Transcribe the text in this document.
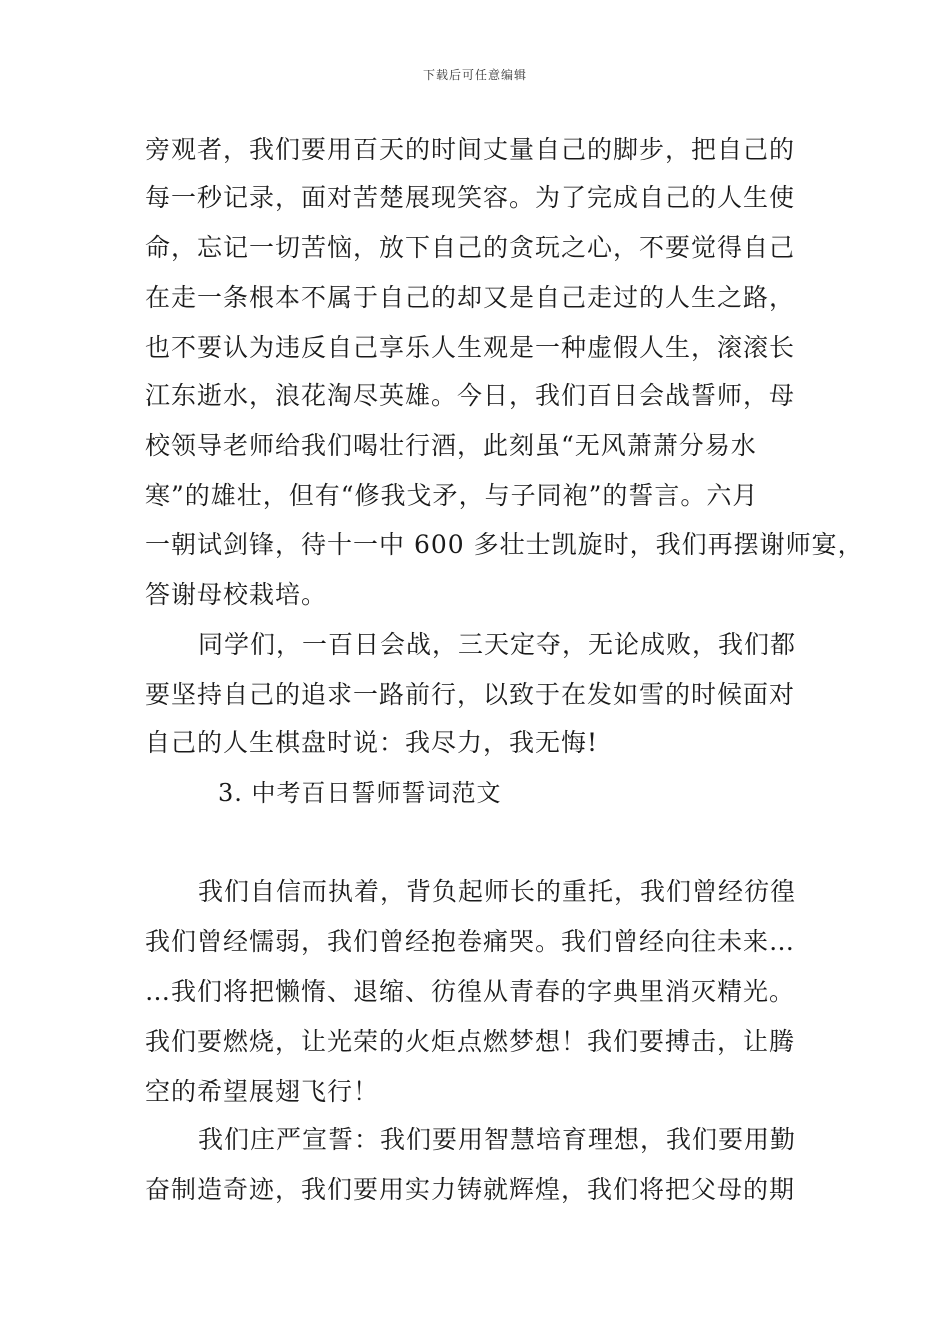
下载后可任意编辑
旁观者，我们要用百天的时间丈量自己的脚步，把自己的
每一秒记录，面对苦楚展现笑容。为了完成自己的人生使
命，忘记一切苦恼，放下自己的贪玩之心，不要觉得自己
在走一条根本不属于自己的却又是自己走过的人生之路，
也不要认为违反自己享乐人生观是一种虚假人生，滚滚长
江东逝水，浪花淘尽英雄。今日，我们百日会战誓师，母
校领导老师给我们喝壮行酒，此刻虽“无风萧萧分易水
寒”的雄壮，但有“修我戈矛，与子同袍”的誓言。六月
一朝试剑锋，待十一中 600 多壮士凯旋时，我们再摆谢师宴，
答谢母校栽培。
同学们，一百日会战，三天定夺，无论成败，我们都
要坚持自己的追求一路前行，以致于在发如雪的时候面对
自己的人生棋盘时说：我尽力，我无悔!
3. 中考百日誓师誓词范文
我们自信而执着，背负起师长的重托，我们曾经彷徨
我们曾经懦弱，我们曾经抱卷痛哭。我们曾经向往未来…
…我们将把懒惰、退缩、彷徨从青春的字典里消灭精光。
我们要燃烧，让光荣的火炬点燃梦想！我们要搏击，让腾
空的希望展翅飞行！
我们庄严宣誓：我们要用智慧培育理想，我们要用勤
奋制造奇迹，我们要用实力铸就辉煌，我们将把父母的期
